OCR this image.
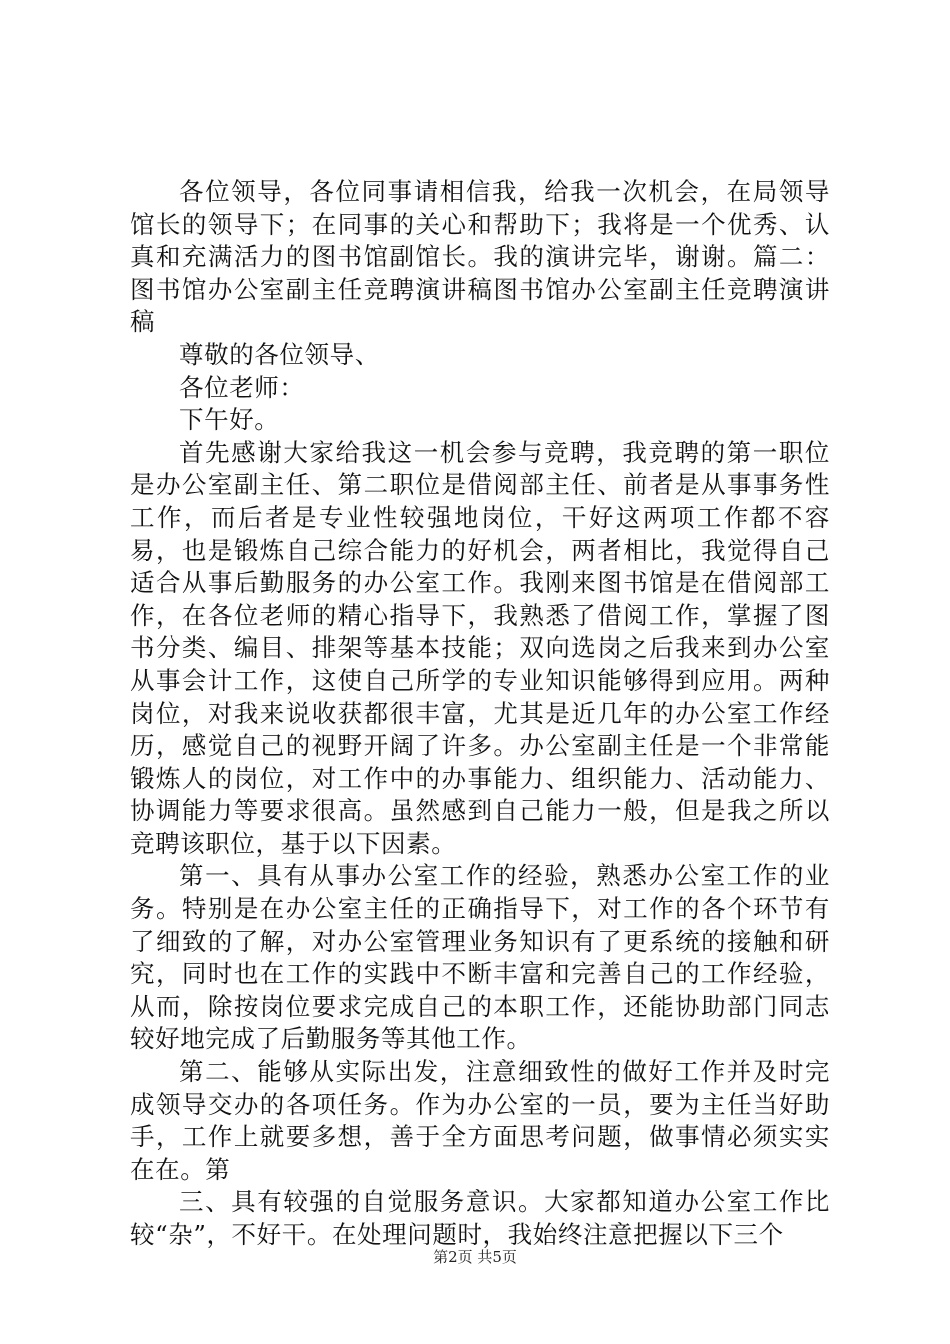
各位领导，各位同事请相信我，给我一次机会，在局领导馆长的领导下；在同事的关心和帮助下；我将是一个优秀、认真和充满活力的图书馆副馆长。我的演讲完毕，谢谢。篇二：图书馆办公室副主任竞聘演讲稿图书馆办公室副主任竞聘演讲稿

尊敬的各位领导、

各位老师：

下午好。

首先感谢大家给我这一机会参与竞聘，我竞聘的第一职位是办公室副主任、第二职位是借阅部主任、前者是从事事务性工作，而后者是专业性较强地岗位，干好这两项工作都不容易，也是锻炼自己综合能力的好机会，两者相比，我觉得自己适合从事后勤服务的办公室工作。我刚来图书馆是在借阅部工作，在各位老师的精心指导下，我熟悉了借阅工作，掌握了图书分类、编目、排架等基本技能；双向选岗之后我来到办公室从事会计工作，这使自己所学的专业知识能够得到应用。两种岗位，对我来说收获都很丰富，尤其是近几年的办公室工作经历，感觉自己的视野开阔了许多。办公室副主任是一个非常能锻炼人的岗位，对工作中的办事能力、组织能力、活动能力、协调能力等要求很高。虽然感到自己能力一般，但是我之所以竞聘该职位，基于以下因素。

第一、具有从事办公室工作的经验，熟悉办公室工作的业务。特别是在办公室主任的正确指导下，对工作的各个环节有了细致的了解，对办公室管理业务知识有了更系统的接触和研究，同时也在工作的实践中不断丰富和完善自己的工作经验，从而，除按岗位要求完成自己的本职工作，还能协助部门同志较好地完成了后勤服务等其他工作。

第二、能够从实际出发，注意细致性的做好工作并及时完成领导交办的各项任务。作为办公室的一员，要为主任当好助手，工作上就要多想，善于全方面思考问题，做事情必须实实在在。第

三、具有较强的自觉服务意识。大家都知道办公室工作比较“杂”，不好干。在处理问题时，我始终注意把握以下三个

第2页 共5页
